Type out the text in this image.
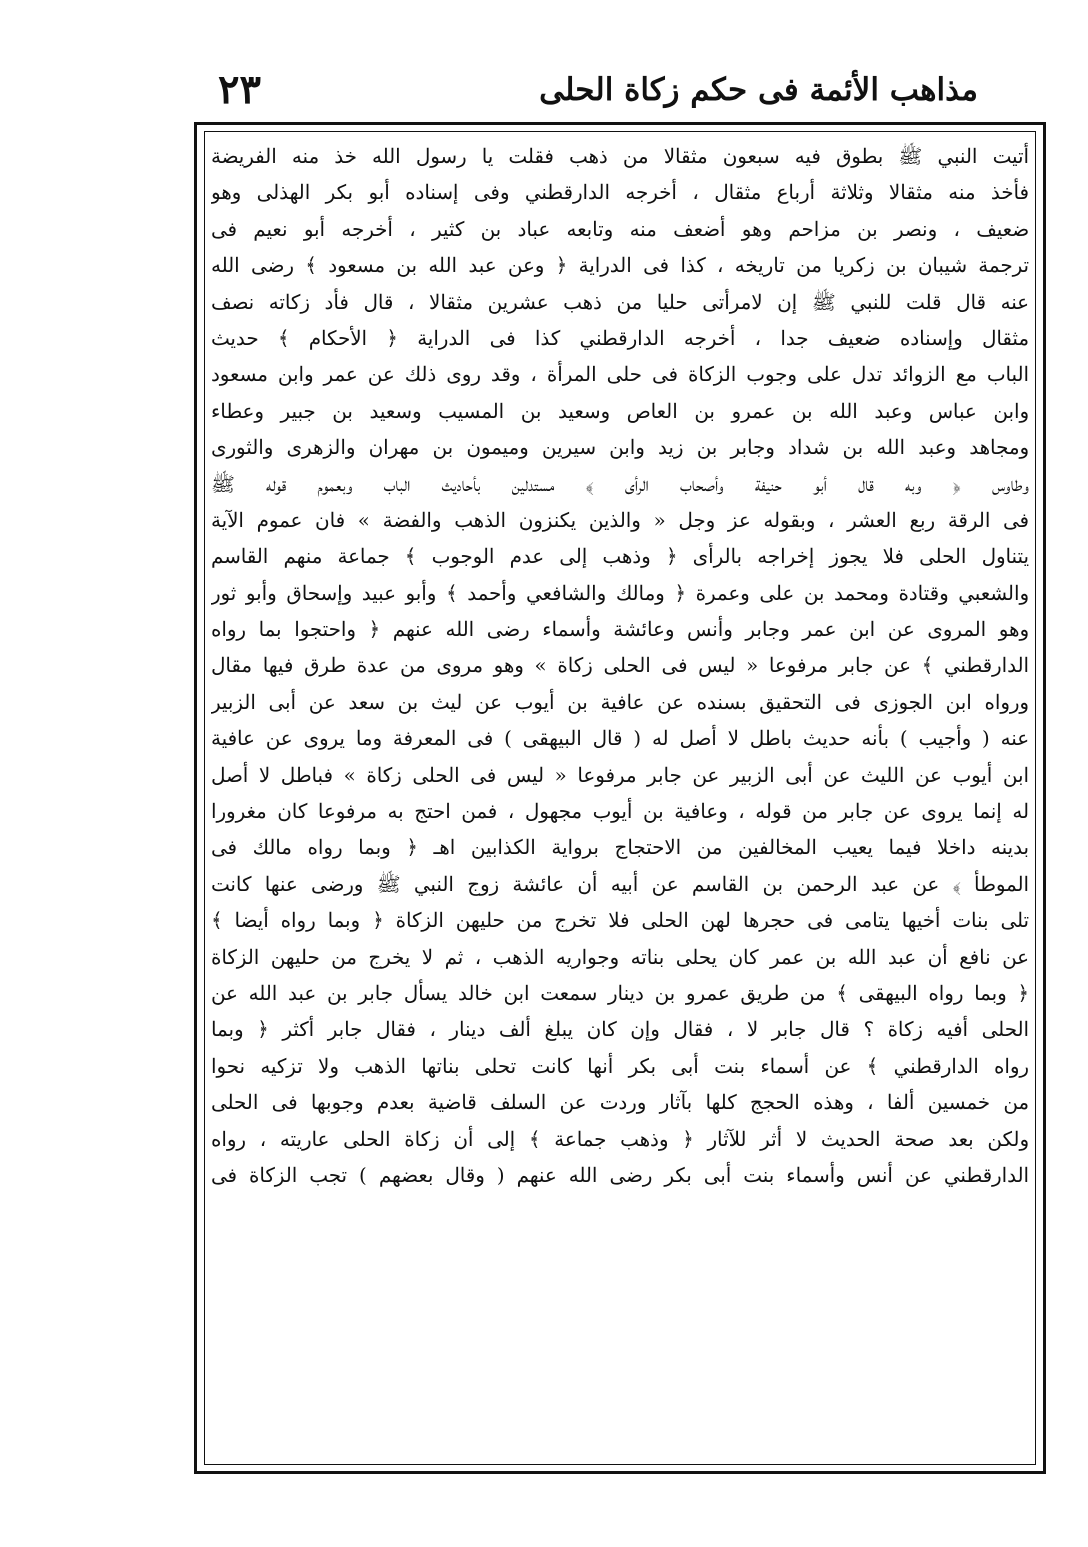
مذاهب الأئمة فى حكم زكاة الحلى
٢٣
أتيت النبي ﷺ بطوق فيه سبعون مثقالا من ذهب فقلت يا رسول الله خذ منه الفريضة
فأخذ منه مثقالا وثلاثة أرباع مثقال ، أخرجه الدارقطني وفى إسناده أبو بكر الهذلى وهو
ضعيف ، ونصر بن مزاحم وهو أضعف منه وتابعه عباد بن كثير ، أخرجه أبو نعيم فى
ترجمة شيبان بن زكريا من تاريخه ، كذا فى الدراية ﴿ وعن عبد الله بن مسعود ﴾ رضى الله
عنه قال قلت للنبي ﷺ إن لامرأتى حليا من ذهب عشرين مثقالا ، قال فأد زكاته نصف
مثقال وإسناده ضعيف جدا ، أخرجه الدارقطني كذا فى الدراية ﴿ الأحكام ﴾ حديث
الباب مع الزوائد تدل على وجوب الزكاة فى حلى المرأة ، وقد روى ذلك عن عمر وابن مسعود
وابن عباس وعبد الله بن عمرو بن العاص وسعيد بن المسيب وسعيد بن جبير وعطاء
ومجاهد وعبد الله بن شداد وجابر بن زيد وابن سيرين وميمون بن مهران والزهرى والثورى
وطاوس ﴿ وبه قال أبو حنيفة وأصحاب الرأى ﴾ مستدلين بأحاديث الباب وبعموم قوله ﷺ
فى الرقة ربع العشر ، وبقوله عز وجل « والذين يكنزون الذهب والفضة » فان عموم الآية
يتناول الحلى فلا يجوز إخراجه بالرأى ﴿ وذهب إلى عدم الوجوب ﴾ جماعة منهم القاسم
والشعبي وقتادة ومحمد بن على وعمرة ﴿ ومالك والشافعي وأحمد ﴾ وأبو عبيد وإسحاق وأبو ثور
وهو المروى عن ابن عمر وجابر وأنس وعائشة وأسماء رضى الله عنهم ﴿ واحتجوا بما رواه
الدارقطني ﴾ عن جابر مرفوعا « ليس فى الحلى زكاة » وهو مروى من عدة طرق فيها مقال
ورواه ابن الجوزى فى التحقيق بسنده عن عافية بن أيوب عن ليث بن سعد عن أبى الزبير
عنه ( وأجيب ) بأنه حديث باطل لا أصل له ( قال البيهقى ) فى المعرفة وما يروى عن عافية
ابن أيوب عن الليث عن أبى الزبير عن جابر مرفوعا « ليس فى الحلى زكاة » فباطل لا أصل
له إنما يروى عن جابر من قوله ، وعافية بن أيوب مجهول ، فمن احتج به مرفوعا كان مغرورا
بدينه داخلا فيما يعيب المخالفين من الاحتجاج برواية الكذابين اهـ ﴿ وبما رواه مالك فى
الموطأ ﴾ عن عبد الرحمن بن القاسم عن أبيه أن عائشة زوج النبي ﷺ ورضى عنها كانت
تلى بنات أخيها يتامى فى حجرها لهن الحلى فلا تخرج من حليهن الزكاة ﴿ وبما رواه أيضا ﴾
عن نافع أن عبد الله بن عمر كان يحلى بناته وجواريه الذهب ، ثم لا يخرج من حليهن الزكاة
﴿ وبما رواه البيهقى ﴾ من طريق عمرو بن دينار سمعت ابن خالد يسأل جابر بن عبد الله عن
الحلى أفيه زكاة ؟ قال جابر لا ، فقال وإن كان يبلغ ألف دينار ، فقال جابر أكثر ﴿ وبما
رواه الدارقطني ﴾ عن أسماء بنت أبى بكر أنها كانت تحلى بناتها الذهب ولا تزكيه نحوا
من خمسين ألفا ، وهذه الحجج كلها بآثار وردت عن السلف قاضية بعدم وجوبها فى الحلى
ولكن بعد صحة الحديث لا أثر للآثار ﴿ وذهب جماعة ﴾ إلى أن زكاة الحلى عاريته ، رواه
الدارقطني عن أنس وأسماء بنت أبى بكر رضى الله عنهم ( وقال بعضهم ) تجب الزكاة فى
